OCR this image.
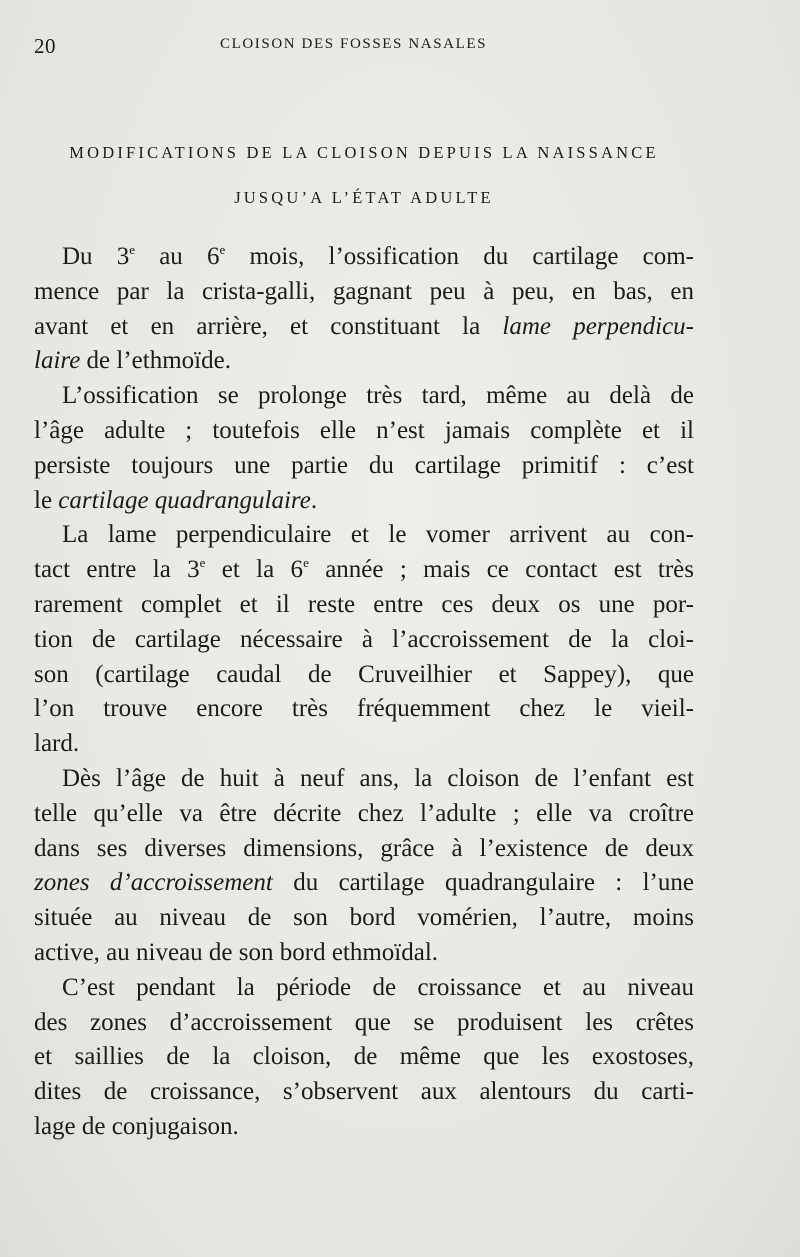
20	CLOISON DES FOSSES NASALES
MODIFICATIONS DE LA CLOISON DEPUIS LA NAISSANCE
JUSQU’A L’ÉTAT ADULTE

Du 3e au 6e mois, l’ossification du cartilage com-
mence par la crista-galli, gagnant peu à peu, en bas, en
avant et en arrière, et constituant la lame perpendicu-
laire de l’ethmoïde.

L’ossification se prolonge très tard, même au delà de
l’âge adulte ; toutefois elle n’est jamais complète et il
persiste toujours une partie du cartilage primitif : c’est
le cartilage quadrangulaire.

La lame perpendiculaire et le vomer arrivent au con-
tact entre la 3e et la 6e année ; mais ce contact est très
rarement complet et il reste entre ces deux os une por-
tion de cartilage nécessaire à l’accroissement de la cloi-
son (cartilage caudal de Cruveilhier et Sappey), que
l’on trouve encore très fréquemment chez le vieil-
lard.

Dès l’âge de huit à neuf ans, la cloison de l’enfant est
telle qu’elle va être décrite chez l’adulte ; elle va croître
dans ses diverses dimensions, grâce à l’existence de deux
zones d’accroissement du cartilage quadrangulaire : l’une
située au niveau de son bord vomérien, l’autre, moins
active, au niveau de son bord ethmoïdal.

C’est pendant la période de croissance et au niveau
des zones d’accroissement que se produisent les crêtes
et saillies de la cloison, de même que les exostoses,
dites de croissance, s’observent aux alentours du carti-
lage de conjugaison.
